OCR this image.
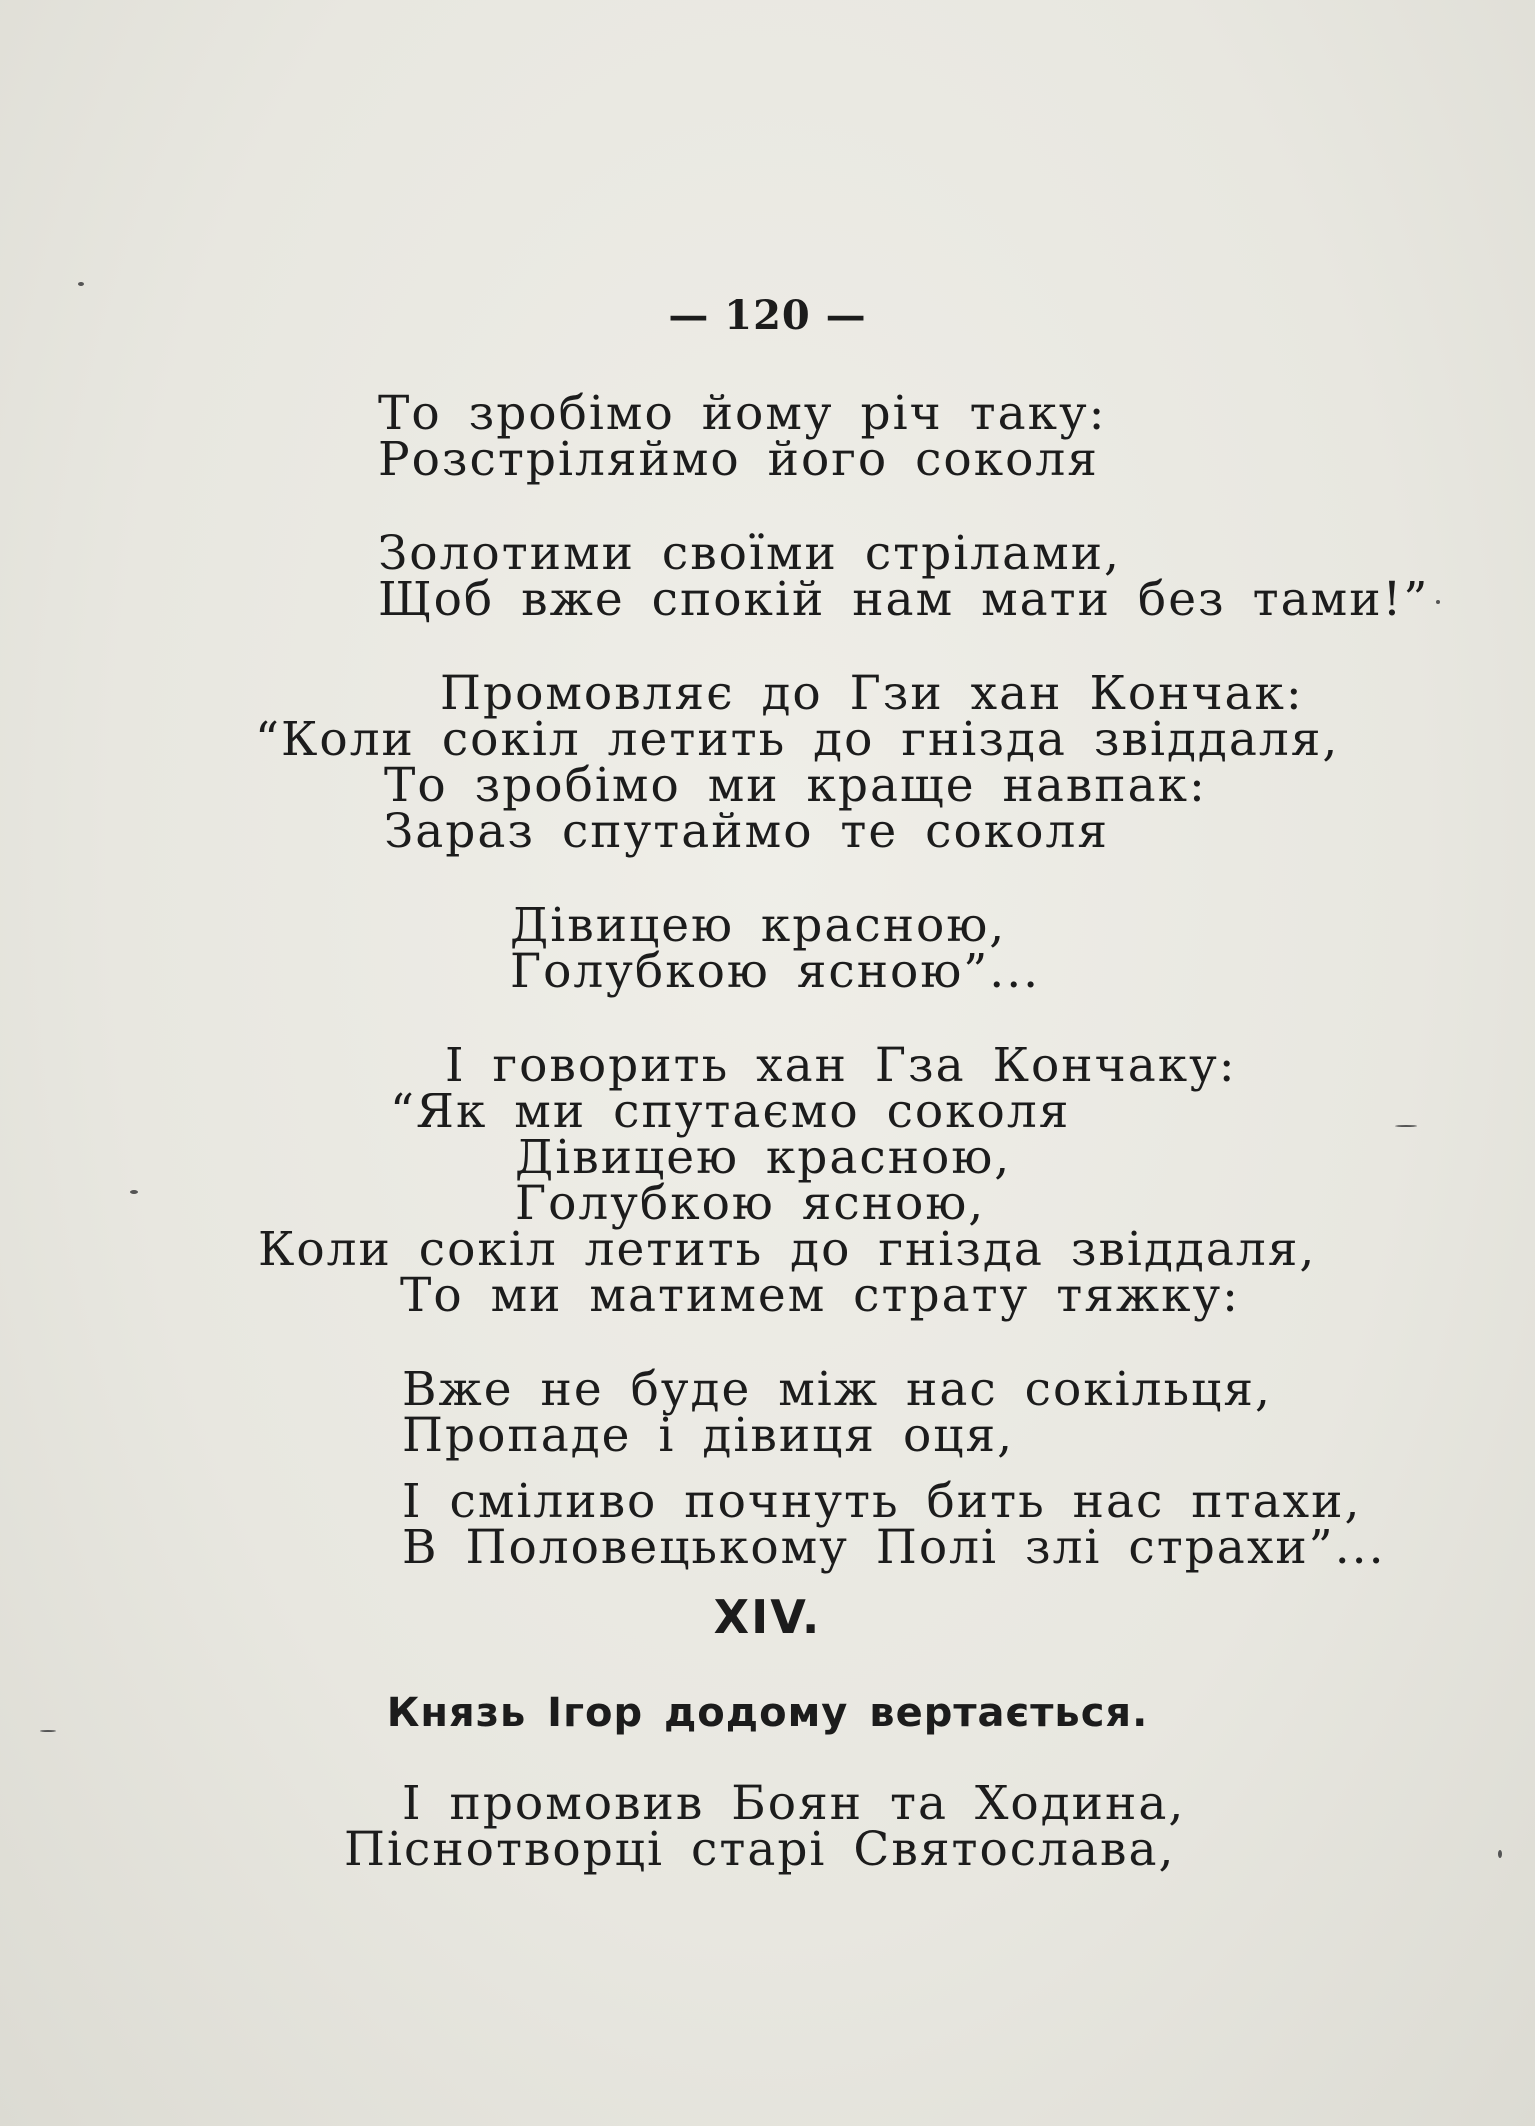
— 120 —
То зробімо йому річ таку:
Розстріляймо його соколя
Золотими своїми стрілами,
Щоб вже спокій нам мати без тами!”
Промовляє до Гзи хан Кончак:
“Коли сокіл летить до гнізда звіддаля,
То зробімо ми краще навпак:
Зараз спутаймо те соколя
Дівицею красною,
Голубкою ясною”...
І говорить хан Гза Кончаку:
“Як ми спутаємо соколя
Дівицею красною,
Голубкою ясною,
Коли сокіл летить до гнізда звіддаля,
То ми матимем страту тяжку:
Вже не буде між нас сокільця,
Пропаде і дівиця оця,
І сміливо почнуть бить нас птахи,
В Половецькому Полі злі страхи”...
XIV.
Князь Ігор додому вертається.
І промовив Боян та Ходина,
Піснотворці старі Святослава,
